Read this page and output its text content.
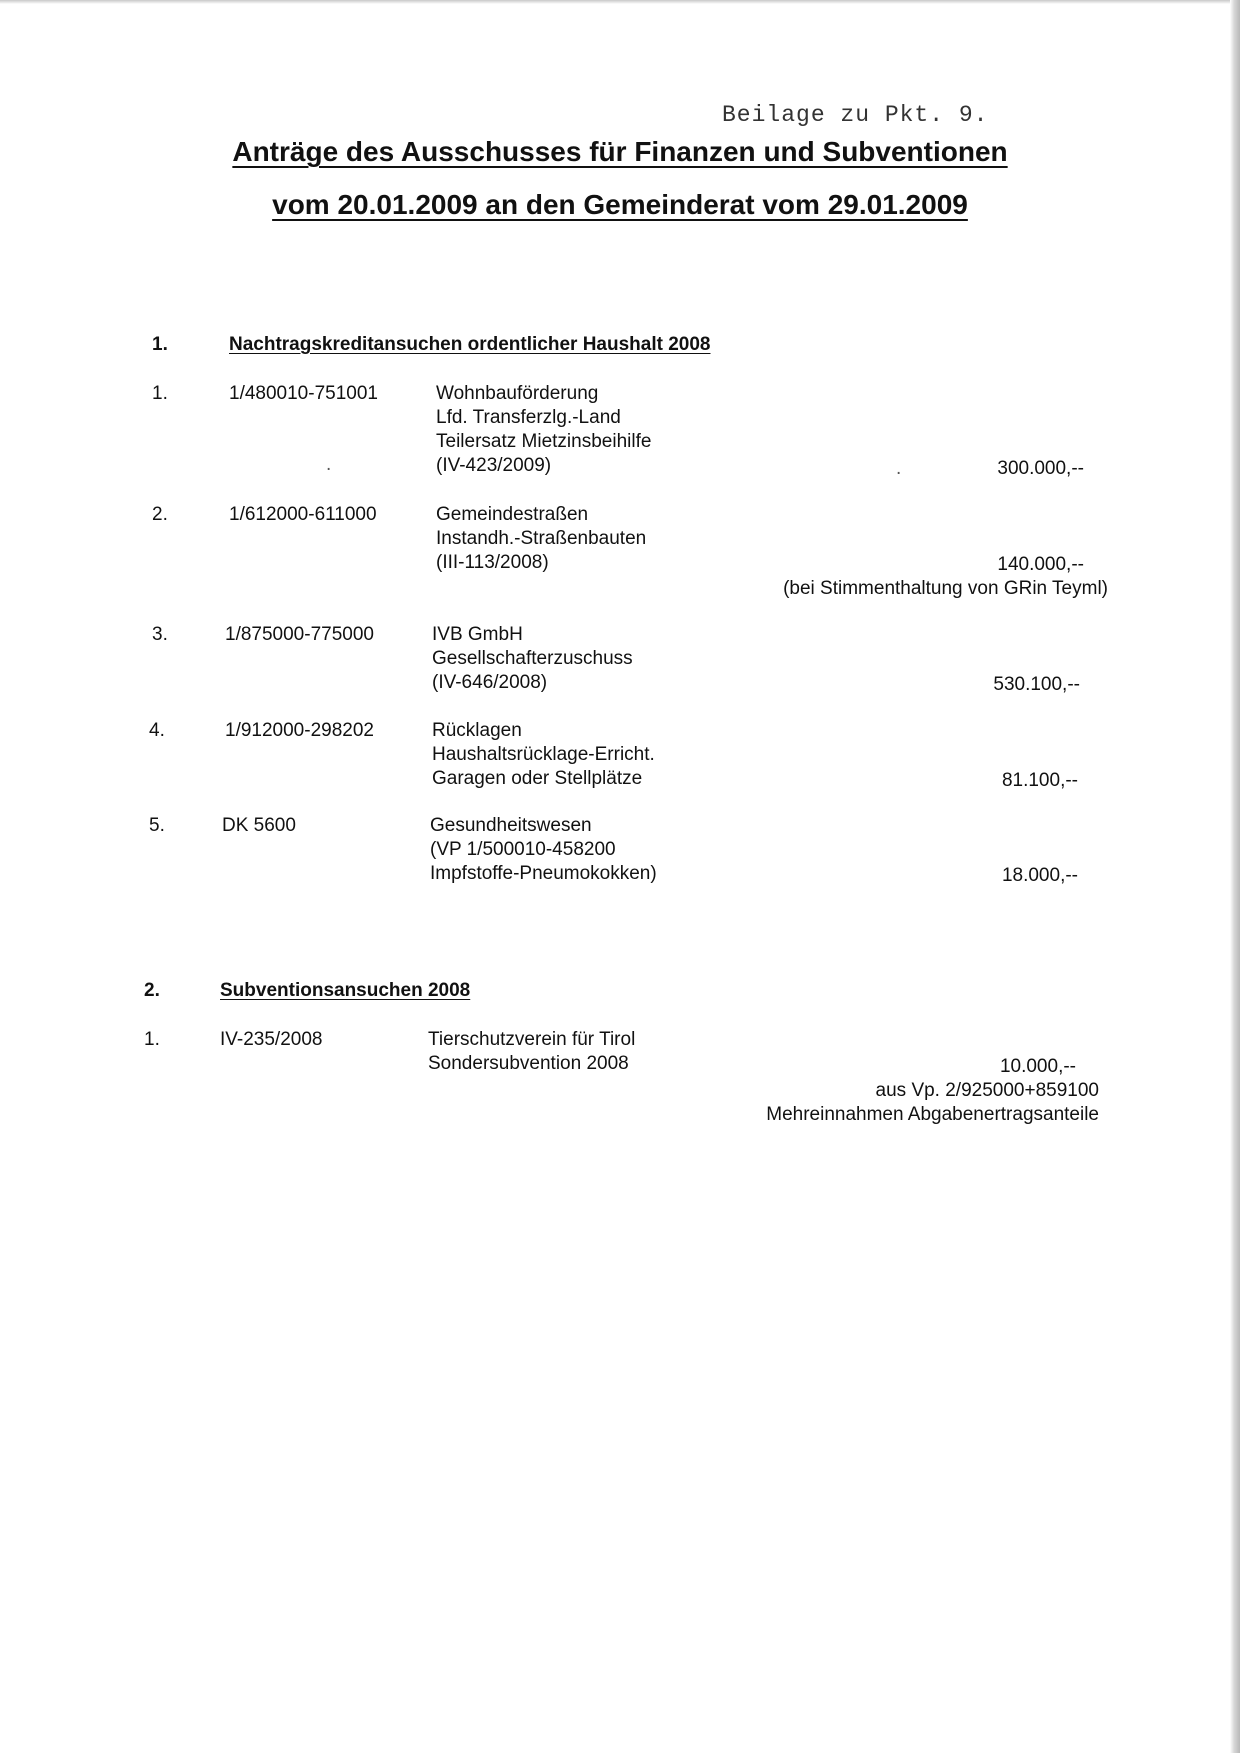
Beilage zu Pkt. 9.
Anträge des Ausschusses für Finanzen und Subventionen
vom 20.01.2009 an den Gemeinderat vom 29.01.2009
1.	Nachtragskreditansuchen ordentlicher Haushalt 2008
1.	1/480010-751001	Wohnbauförderung
Lfd. Transferzlg.-Land
Teilersatz Mietzinsbeihilfe
(IV-423/2009)	300.000,--
.	.
2.	1/612000-611000	Gemeindestraßen
Instandh.-Straßenbauten
(III-113/2008)	140.000,--
(bei Stimmenthaltung von GRin Teyml)
3.	1/875000-775000	IVB GmbH
Gesellschafterzuschuss
(IV-646/2008)	530.100,--
4.	1/912000-298202	Rücklagen
Haushaltsrücklage-Erricht.
Garagen oder Stellplätze	81.100,--
5.	DK 5600	Gesundheitswesen
(VP 1/500010-458200
Impfstoffe-Pneumokokken)	18.000,--
2.	Subventionsansuchen 2008
1.	IV-235/2008	Tierschutzverein für Tirol
Sondersubvention 2008	10.000,--
aus Vp. 2/925000+859100
Mehreinnahmen Abgabenertragsanteile
